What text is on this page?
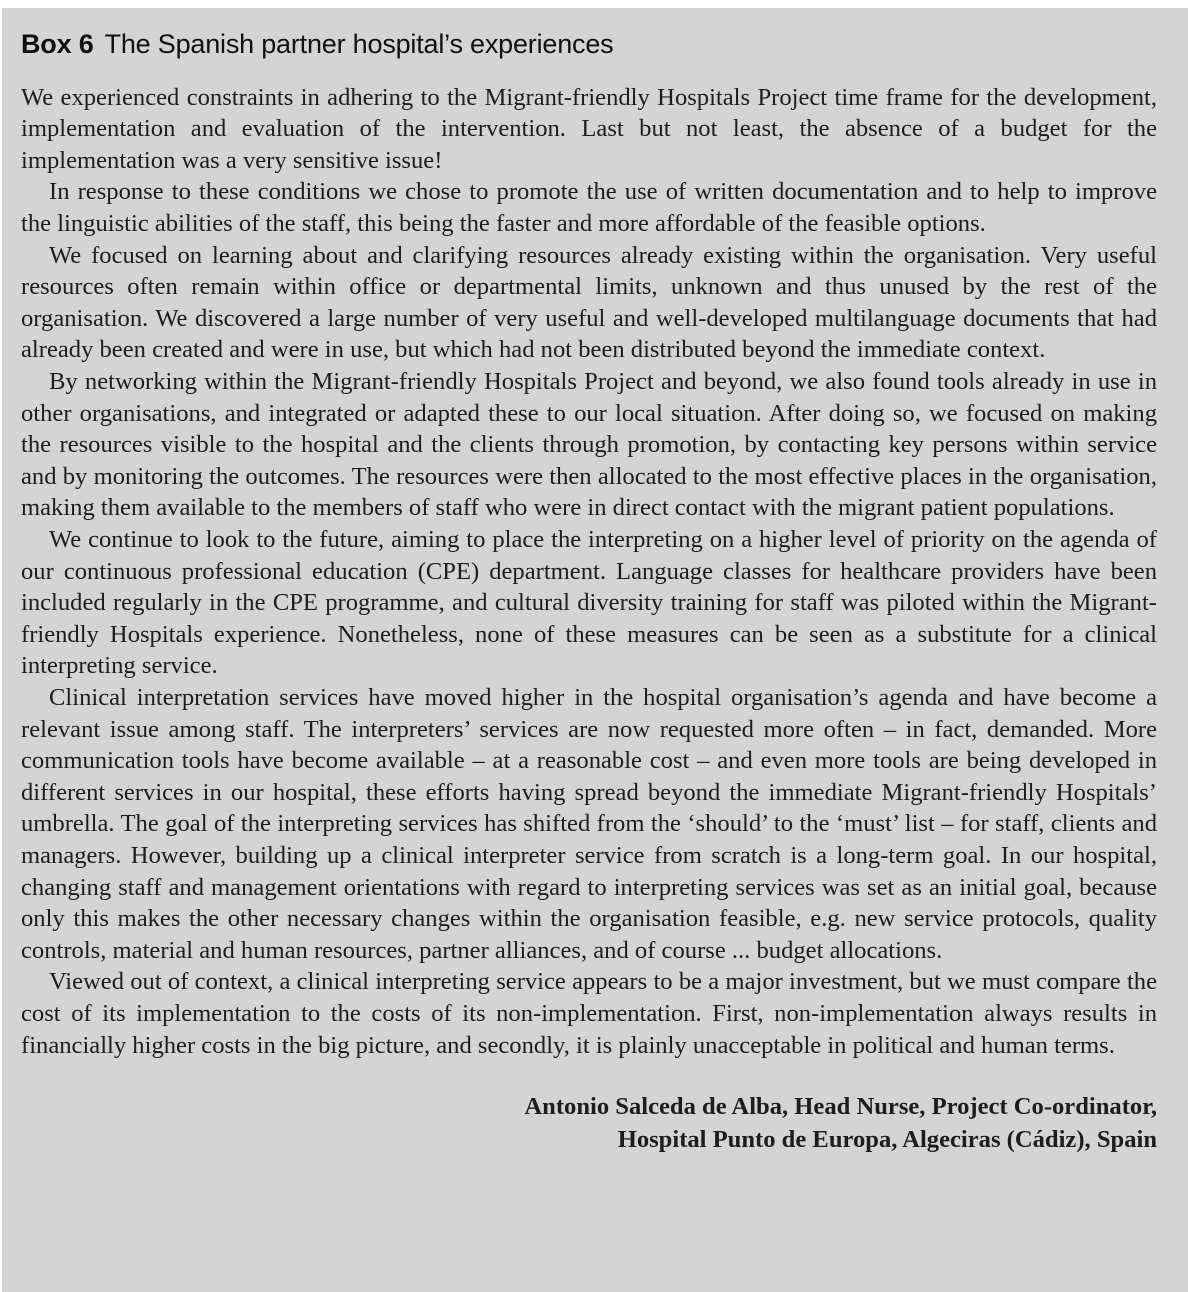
Box 6 The Spanish partner hospital’s experiences

We experienced constraints in adhering to the Migrant-friendly Hospitals Project time frame for the development, implementation and evaluation of the intervention. Last but not least, the absence of a budget for the implementation was a very sensitive issue!

In response to these conditions we chose to promote the use of written documentation and to help to improve the linguistic abilities of the staff, this being the faster and more affordable of the feasible options.

We focused on learning about and clarifying resources already existing within the organisation. Very useful resources often remain within office or departmental limits, unknown and thus unused by the rest of the organisation. We discovered a large number of very useful and well-developed multilanguage documents that had already been created and were in use, but which had not been distributed beyond the immediate context.

By networking within the Migrant-friendly Hospitals Project and beyond, we also found tools already in use in other organisations, and integrated or adapted these to our local situation. After doing so, we focused on making the resources visible to the hospital and the clients through promotion, by contacting key persons within service and by monitoring the outcomes. The resources were then allocated to the most effective places in the organisation, making them available to the members of staff who were in direct contact with the migrant patient populations.

We continue to look to the future, aiming to place the interpreting on a higher level of priority on the agenda of our continuous professional education (CPE) department. Language classes for healthcare providers have been included regularly in the CPE programme, and cultural diversity training for staff was piloted within the Migrant-friendly Hospitals experience. Nonetheless, none of these measures can be seen as a substitute for a clinical interpreting service.

Clinical interpretation services have moved higher in the hospital organisation’s agenda and have become a relevant issue among staff. The interpreters’ services are now requested more often – in fact, demanded. More communication tools have become available – at a reasonable cost – and even more tools are being developed in different services in our hospital, these efforts having spread beyond the immediate Migrant-friendly Hospitals’ umbrella. The goal of the interpreting services has shifted from the ‘should’ to the ‘must’ list – for staff, clients and managers. However, building up a clinical interpreter service from scratch is a long-term goal. In our hospital, changing staff and management orientations with regard to interpreting services was set as an initial goal, because only this makes the other necessary changes within the organisation feasible, e.g. new service protocols, quality controls, material and human resources, partner alliances, and of course ... budget allocations.

Viewed out of context, a clinical interpreting service appears to be a major investment, but we must compare the cost of its implementation to the costs of its non-implementation. First, non-implementation always results in financially higher costs in the big picture, and secondly, it is plainly unacceptable in political and human terms.

Antonio Salceda de Alba, Head Nurse, Project Co-ordinator,
Hospital Punto de Europa, Algeciras (Cádiz), Spain
